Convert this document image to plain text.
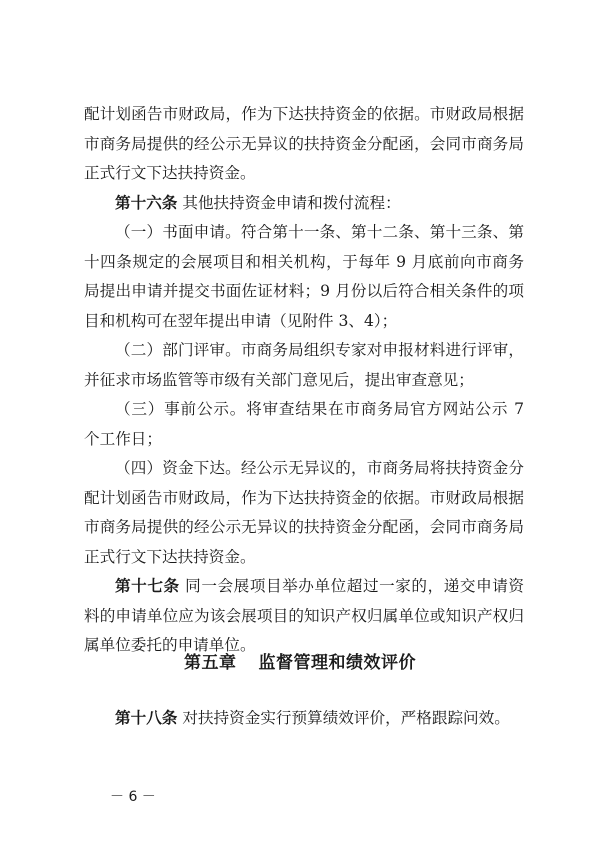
配计划函告市财政局，作为下达扶持资金的依据。市财政局根据市商务局提供的经公示无异议的扶持资金分配函，会同市商务局正式行文下达扶持资金。

第十六条 其他扶持资金申请和拨付流程：

（一）书面申请。符合第十一条、第十二条、第十三条、第十四条规定的会展项目和相关机构，于每年 9 月底前向市商务局提出申请并提交书面佐证材料；9 月份以后符合相关条件的项目和机构可在翌年提出申请（见附件 3、4）；

（二）部门评审。市商务局组织专家对申报材料进行评审，并征求市场监管等市级有关部门意见后，提出审查意见；

（三）事前公示。将审查结果在市商务局官方网站公示 7 个工作日；

（四）资金下达。经公示无异议的，市商务局将扶持资金分配计划函告市财政局，作为下达扶持资金的依据。市财政局根据市商务局提供的经公示无异议的扶持资金分配函，会同市商务局正式行文下达扶持资金。

第十七条 同一会展项目举办单位超过一家的，递交申请资料的申请单位应为该会展项目的知识产权归属单位或知识产权归属单位委托的申请单位。

第五章 监督管理和绩效评价

第十八条 对扶持资金实行预算绩效评价，严格跟踪问效。

－ 6 －
